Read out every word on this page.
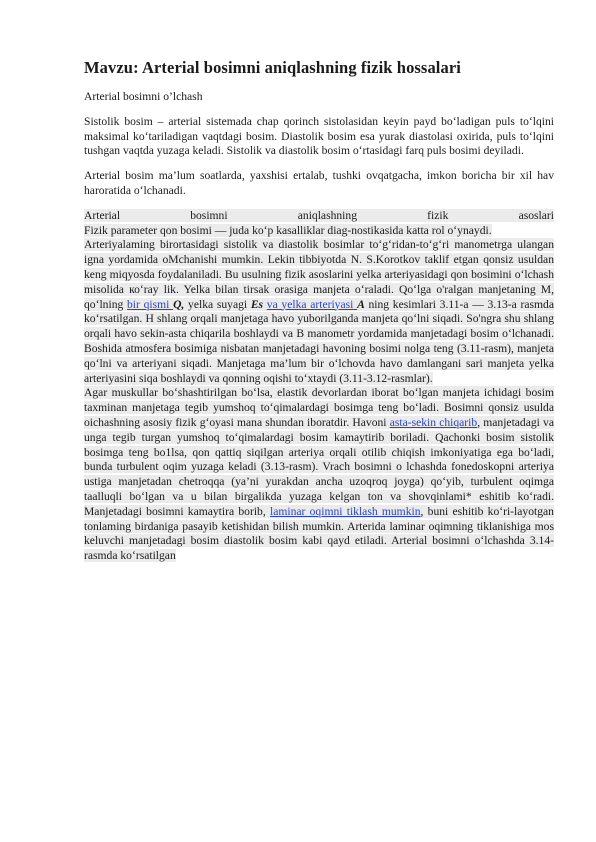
Mavzu: Arterial bosimni aniqlashning fizik hossalari

Arterial bosimni o’lchash

Sistolik bosim – arterial sistemada chap qorinch sistolasidan keyin payd bo‘ladigan puls to‘lqini maksimal ko‘tariladigan vaqtdagi bosim. Diastolik bosim esa yurak diastolasi oxirida, puls to‘lqini tushgan vaqtda yuzaga keladi. Sistolik va diastolik bosim o‘rtasidagi farq puls bosimi deyiladi.

Arterial bosim ma’lum soatlarda, yaxshisi ertalab, tushki ovqatgacha, imkon boricha bir xil hav haroratida o‘lchanadi.

Arterial bosimni aniqlashning fizik asoslari

Fizik parameter qon bosimi — juda ko‘p kasalliklar diag-nostikasida katta rol o‘ynaydi.

Arteriyalaming birortasidagi sistolik va diastolik bosimlar to‘g‘ridan-to‘g‘ri manometrga ulangan igna yordamida oMchanishi mumkin. Lekin tibbiyotda N. S.Korotkov taklif etgan qonsiz usuldan keng miqyosda foydalaniladi. Bu usulning fizik asoslarini yelka arteriyasidagi qon bosimini o‘lchash misolida ко‘ray lik. Yelka bilan tirsak orasiga manjeta o‘raladi. Qo‘lga o'ralgan manjetaning M, qo‘lning bir qismi Q, yelka suyagi Es va yelka arteriyasi A ning kesimlari 3.11-a — 3.13-a rasmda ko‘rsatilgan. H shlang orqali manjetaga havo yuborilganda manjeta qo‘lni siqadi. So'ngra shu shlang orqali havo sekin-asta chiqarila boshlaydi va B manometr yordamida manjetadagi bosim o‘lchanadi. Boshida atmosfera bosimiga nisbatan manjetadagi havoning bosimi nolga teng (3.11-rasm), manjeta qo‘lni va arteriyani siqadi. Manjetaga ma’lum bir o‘lchovda havo damlangani sari manjeta yelka arteriyasini siqa boshlaydi va qonning oqishi to‘xtaydi (3.11-3.12-rasmlar).

Agar muskullar bo‘shashtirilgan bo‘lsa, elastik devorlardan iborat bo‘lgan manjeta ichidagi bosim taxminan manjetaga tegib yumshoq to‘qimalardagi bosimga teng bo‘ladi. Bosimni qonsiz usulda oichashning asosiy fizik g‘oyasi mana shundan iboratdir. Havoni asta-sekin chiqarib, manjetadagi va unga tegib turgan yumshoq to‘qimalardagi bosim kamaytirib boriladi. Qachonki bosim sistolik bosimga teng bo1lsa, qon qattiq siqilgan arteriya orqali otilib chiqish imkoniyatiga ega bo‘ladi, bunda turbulent oqim yuzaga keladi (3.13-rasm). Vrach bosimni o lchashda fonedoskopni arteriya ustiga manjetadan chetroqqa (ya’ni yurakdan ancha uzoqroq joyga) qo‘yib, turbulent oqimga taalluqli bo‘lgan va u bilan birgalikda yuzaga kelgan ton va shovqinlami* eshitib ko‘radi. Manjetadagi bosimni kamaytira borib, laminar oqimni tiklash mumkin, buni eshitib ko‘ri-layotgan tonlaming birdaniga pasayib ketishidan bilish mumkin. Arterida laminar oqimning tiklanishiga mos keluvchi manjetadagi bosim diastolik bosim kabi qayd etiladi. Arterial bosimni o‘lchashda 3.14-rasmda ko‘rsatilgan
